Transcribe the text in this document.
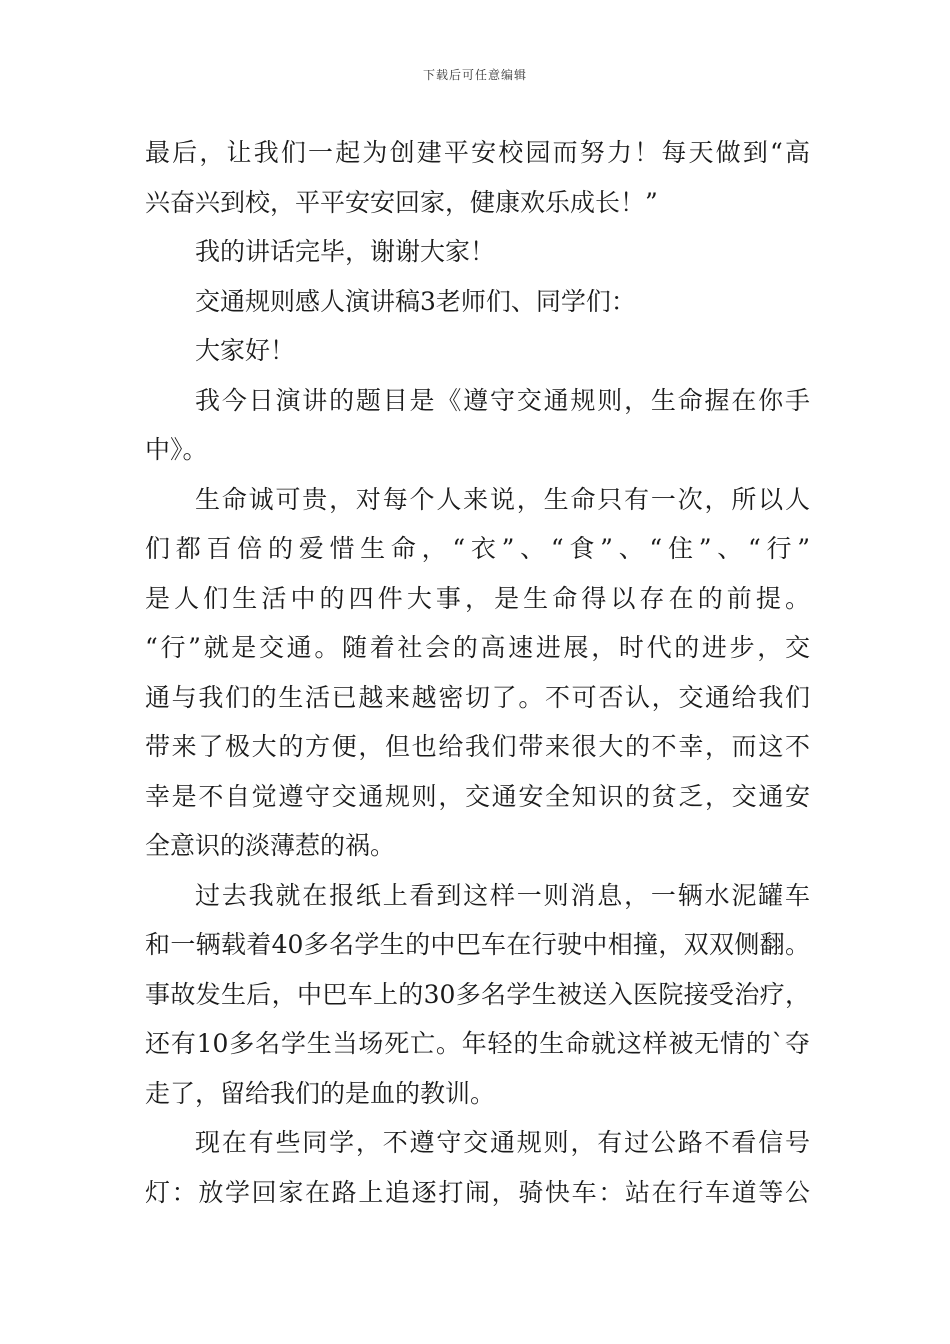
下载后可任意编辑
最后，让我们一起为创建平安校园而努力！每天做到“高
兴奋兴到校，平平安安回家，健康欢乐成长！”
我的讲话完毕，谢谢大家！
交通规则感人演讲稿3老师们、同学们：
大家好！
我今日演讲的题目是《遵守交通规则，生命握在你手
中》。
生命诚可贵，对每个人来说，生命只有一次，所以人
们都百倍的爱惜生命，“衣”、“食”、“住”、“行”
是人们生活中的四件大事，是生命得以存在的前提。
“行”就是交通。随着社会的高速进展，时代的进步，交
通与我们的生活已越来越密切了。不可否认，交通给我们
带来了极大的方便，但也给我们带来很大的不幸，而这不
幸是不自觉遵守交通规则，交通安全知识的贫乏，交通安
全意识的淡薄惹的祸。
过去我就在报纸上看到这样一则消息，一辆水泥罐车
和一辆载着40多名学生的中巴车在行驶中相撞，双双侧翻。
事故发生后，中巴车上的30多名学生被送入医院接受治疗，
还有10多名学生当场死亡。年轻的生命就这样被无情的`夺
走了，留给我们的是血的教训。
现在有些同学，不遵守交通规则，有过公路不看信号
灯：放学回家在路上追逐打闹，骑快车：站在行车道等公
